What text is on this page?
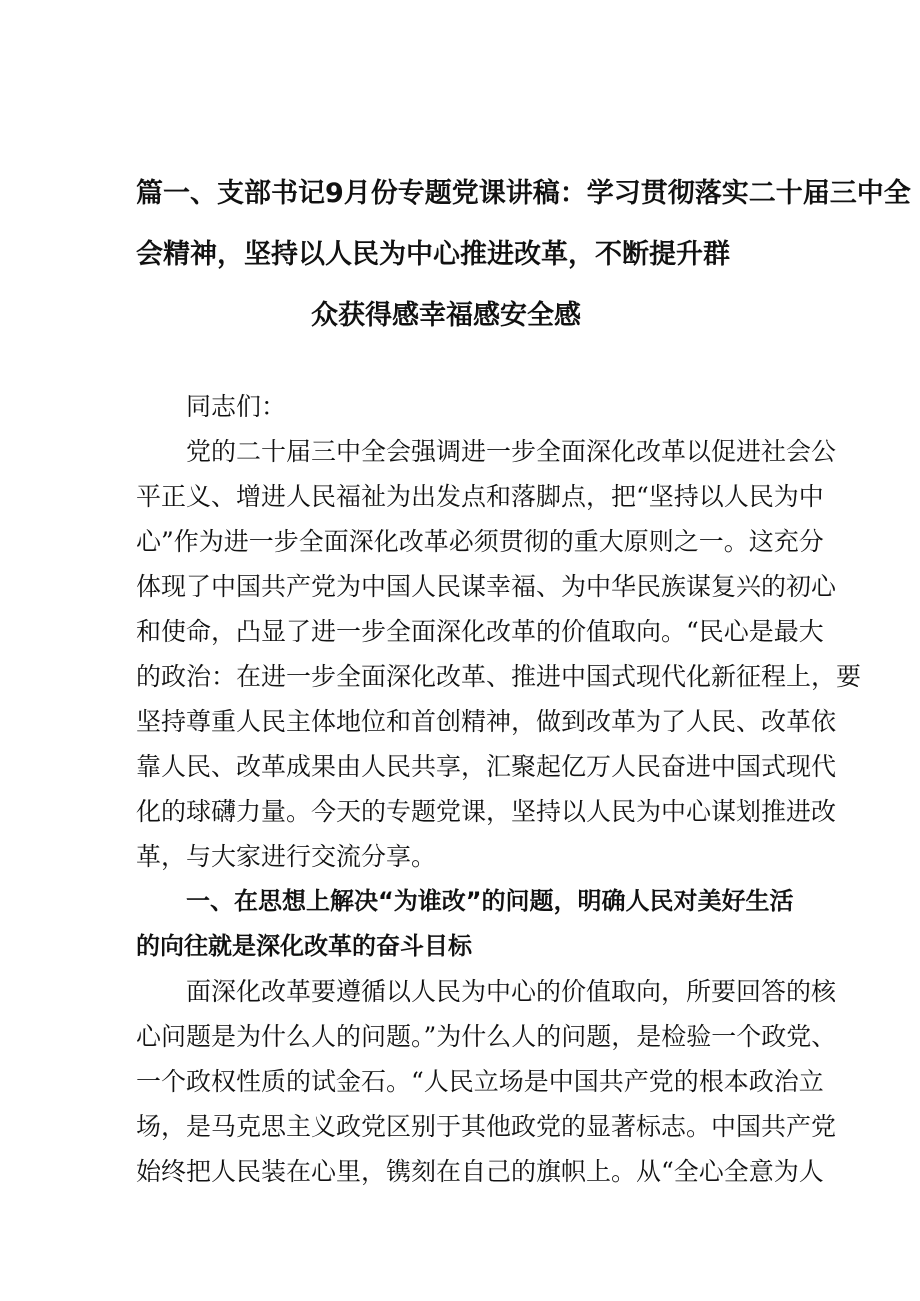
篇一、支部书记9月份专题党课讲稿：学习贯彻落实二十届三中全
会精神，坚持以人民为中心推进改革，不断提升群
众获得感幸福感安全感
同志们：
党的二十届三中全会强调进一步全面深化改革以促进社会公
平正义、增进人民福祉为出发点和落脚点，把“坚持以人民为中
心”作为进一步全面深化改革必须贯彻的重大原则之一。这充分
体现了中国共产党为中国人民谋幸福、为中华民族谋复兴的初心
和使命，凸显了进一步全面深化改革的价值取向。“民心是最大
的政治：在进一步全面深化改革、推进中国式现代化新征程上，要
坚持尊重人民主体地位和首创精神，做到改革为了人民、改革依
靠人民、改革成果由人民共享，汇聚起亿万人民奋进中国式现代
化的球礴力量。今天的专题党课，坚持以人民为中心谋划推进改
革，与大家进行交流分享。
一、在思想上解决“为谁改”的问题，明确人民对美好生活
的向往就是深化改革的奋斗目标
面深化改革要遵循以人民为中心的价值取向，所要回答的核
心问题是为什么人的问题。”为什么人的问题，是检验一个政党、
一个政权性质的试金石。“人民立场是中国共产党的根本政治立
场，是马克思主义政党区别于其他政党的显著标志。中国共产党
始终把人民装在心里，镌刻在自己的旗帜上。从“全心全意为人
